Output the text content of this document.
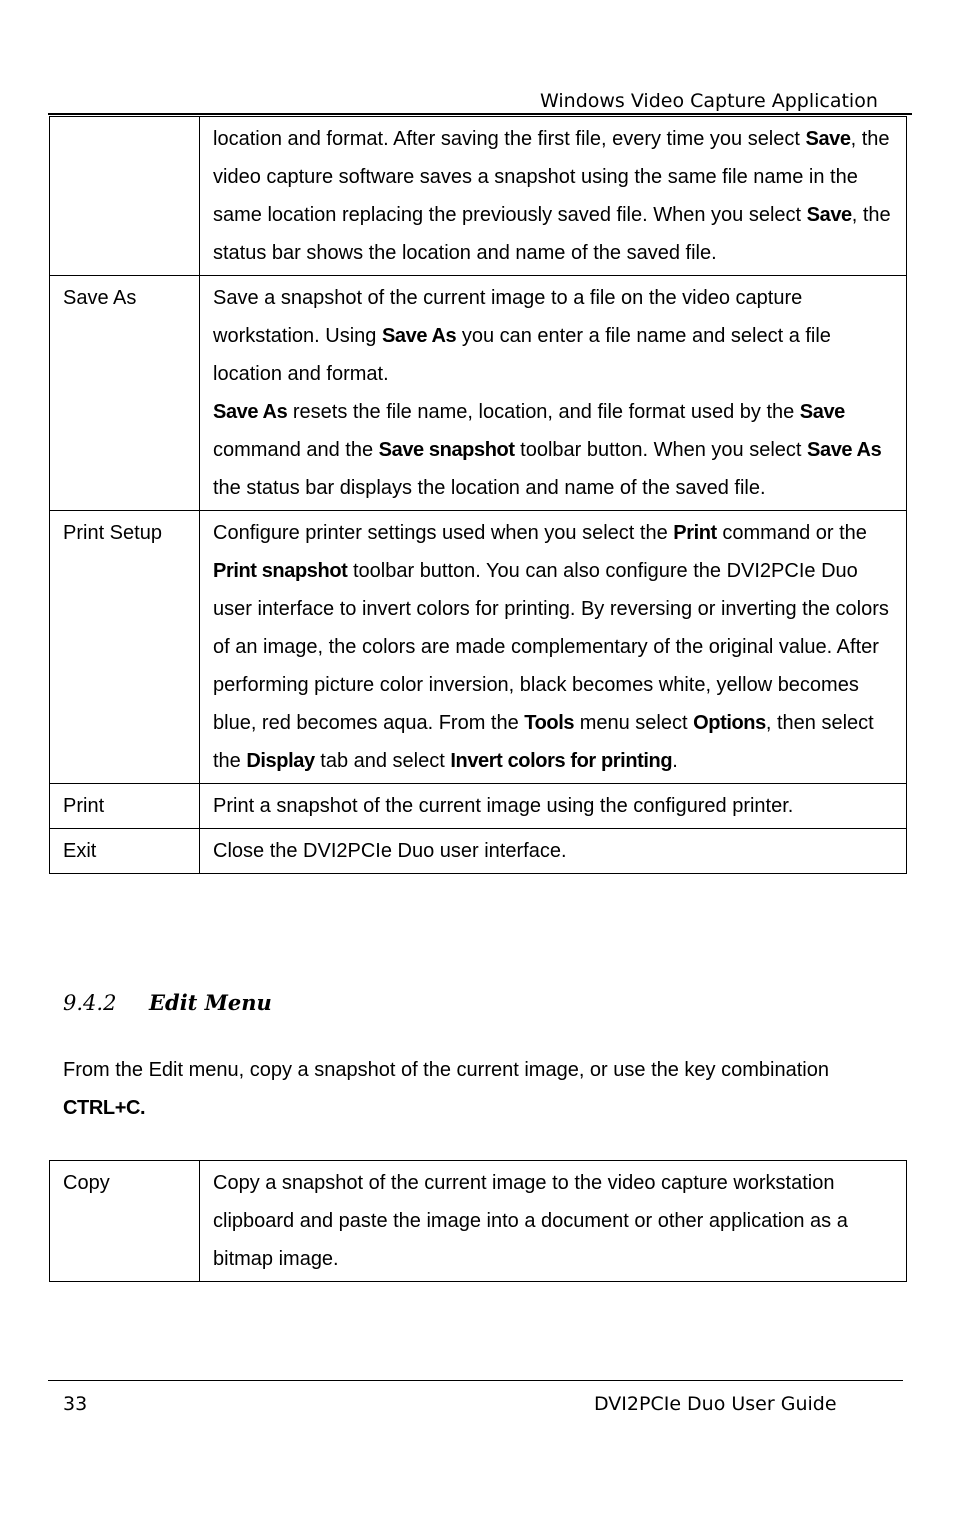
Windows Video Capture Application
	location and format. After saving the first file, every time you select Save, the video capture software saves a snapshot using the same file name in the same location replacing the previously saved file. When you select Save, the status bar shows the location and name of the saved file.
Save As	Save a snapshot of the current image to a file on the video capture workstation. Using Save As you can enter a file name and select a file location and format.
Save As resets the file name, location, and file format used by the Save command and the Save snapshot toolbar button. When you select Save As the status bar displays the location and name of the saved file.
Print Setup	Configure printer settings used when you select the Print command or the Print snapshot toolbar button. You can also configure the DVI2PCIe Duo user interface to invert colors for printing. By reversing or inverting the colors of an image, the colors are made complementary of the original value. After performing picture color inversion, black becomes white, yellow becomes blue, red becomes aqua. From the Tools menu select Options, then select the Display tab and select Invert colors for printing.
Print	Print a snapshot of the current image using the configured printer.
Exit	Close the DVI2PCIe Duo user interface.
9.4.2 Edit Menu
From the Edit menu, copy a snapshot of the current image, or use the key combination CTRL+C.
Copy	Copy a snapshot of the current image to the video capture workstation clipboard and paste the image into a document or other application as a bitmap image.
33	DVI2PCIe Duo User Guide
